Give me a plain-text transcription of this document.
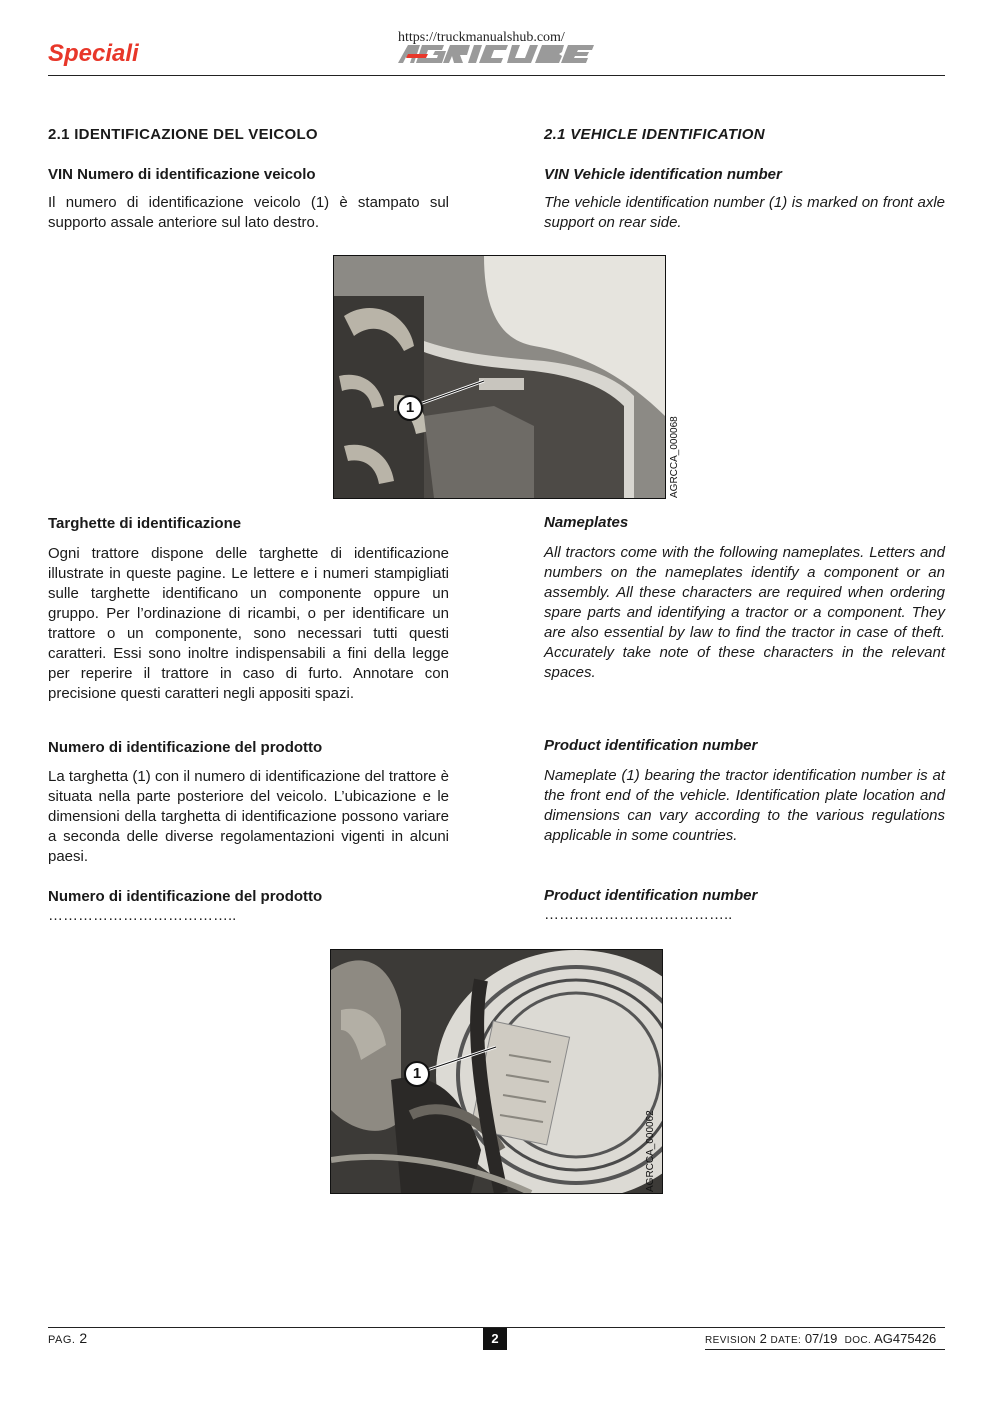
Speciali
https://truckmanualshub.com/
2.1 IDENTIFICAZIONE DEL VEICOLO
VIN Numero di identificazione veicolo
Il numero di identificazione veicolo (1) è stampato sul supporto assale anteriore sul lato destro.
2.1 VEHICLE IDENTIFICATION
VIN Vehicle identification number
The vehicle identification number (1) is marked on front axle support on rear side.
1
AGRCCA_000068
Targhette di identificazione
Ogni trattore dispone delle targhette di identificazione illustrate in queste pagine. Le lettere e i numeri stampigliati sulle targhette identificano un componente oppure un gruppo. Per l’ordinazione di ricambi, o per identificare un trattore o un componente, sono necessari tutti questi caratteri. Essi sono inoltre indispensabili a fini della legge per reperire il trattore in caso di furto. Annotare con precisione questi caratteri negli appositi spazi.
Nameplates
All tractors come with the following nameplates. Letters and numbers on the nameplates identify a component or an assembly. All these characters are required when ordering spare parts and identifying a tractor or a component. They are also essential by law to find the tractor in case of theft. Accurately take note of these characters in the relevant spaces.
Numero di identificazione del prodotto
La targhetta (1) con il numero di identificazione del trattore è situata nella parte posteriore del veicolo. L’ubicazione e le dimensioni della targhetta di identificazione possono variare a seconda delle diverse regolamentazioni vigenti in alcuni paesi.
Product identification number
Nameplate (1) bearing the tractor identification number is at the front end of the vehicle. Identification plate location and dimensions can vary according to the various regulations applicable in some countries.
Numero di identificazione del prodotto
………………………………..
Product identification number
………………………………..
1
AGRCCA_000062
PAG. 2	2	REVISION 2 DATE: 07/19 DOC. AG475426
